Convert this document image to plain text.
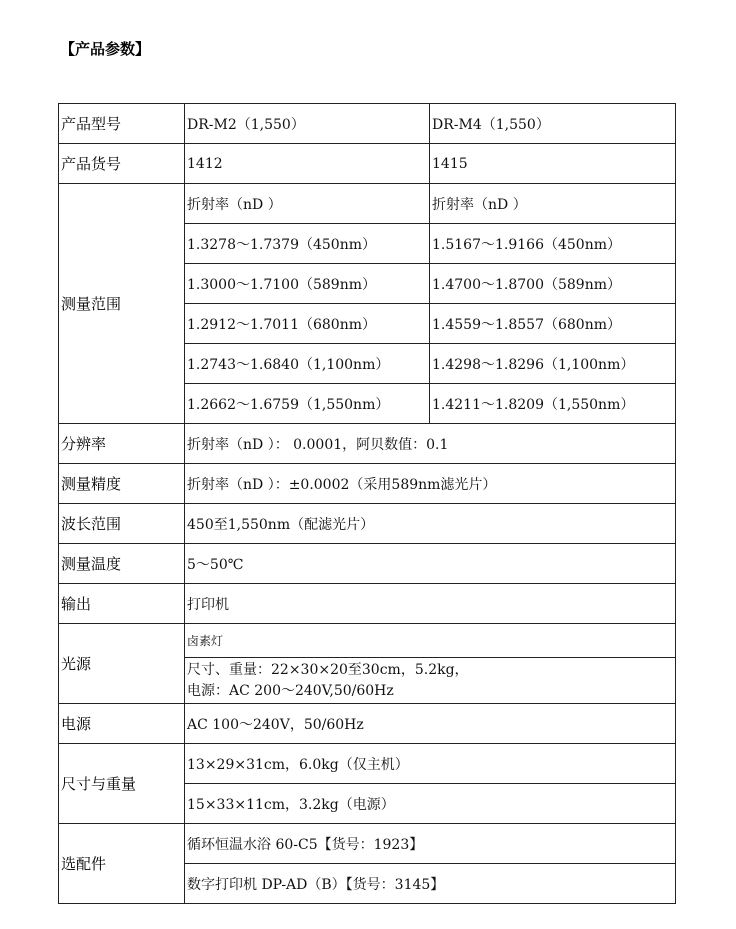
【产品参数】
产品型号	DR-M2（1,550）	DR-M4（1,550）
产品货号	1412	1415
测量范围	折射率（nD ）	折射率（nD ）
	1.3278～1.7379（450nm）	1.5167～1.9166（450nm）
	1.3000～1.7100（589nm）	1.4700～1.8700（589nm）
	1.2912～1.7011（680nm）	1.4559～1.8557（680nm）
	1.2743～1.6840（1,100nm）	1.4298～1.8296（1,100nm）
	1.2662～1.6759（1,550nm）	1.4211～1.8209（1,550nm）
分辨率	折射率（nD ）： 0.0001，阿贝数值：0.1	
测量精度	折射率（nD ）：±0.0002（采用589nm滤光片）	
波长范围	450至1,550nm（配滤光片）	
测量温度	5～50℃	
输出	打印机	
光源	卤素灯	

	尺寸、重量：22×30×20至30cm，5.2kg，
电源：AC 200～240V,50/60Hz	

电源	AC 100～240V，50/60Hz	
尺寸与重量	13×29×31cm，6.0kg（仅主机）	
	15×33×11cm，3.2kg（电源）	
选配件	循环恒温水浴 60-C5【货号：1923】	
	数字打印机 DP-AD（B）【货号：3145】	
